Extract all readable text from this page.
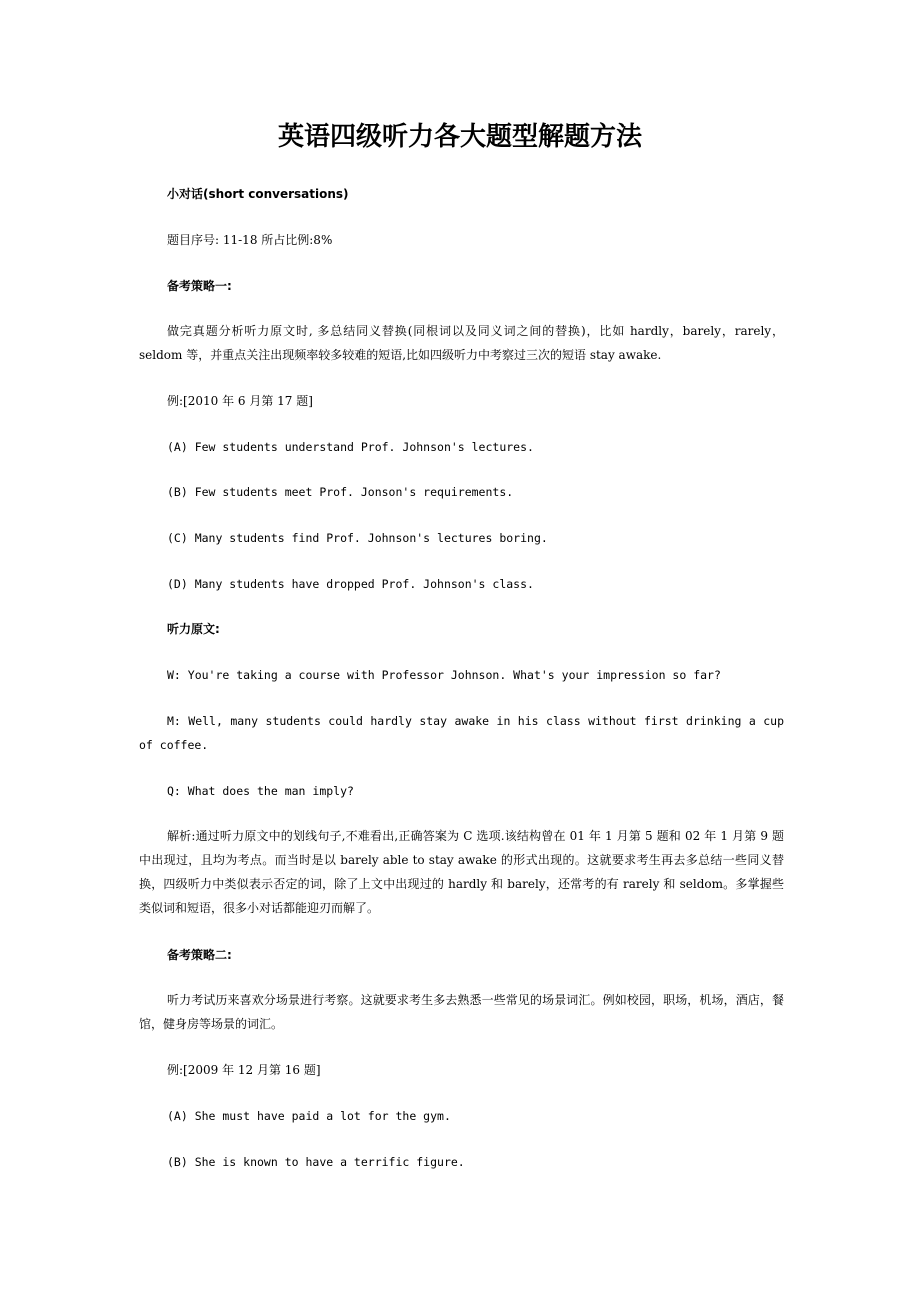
英语四级听力各大题型解题方法
小对话(short conversations)
题目序号: 11-18 所占比例:8%
备考策略一:
做完真题分析听力原文时, 多总结同义替换(同根词以及同义词之间的替换)，比如 hardly，barely，rarely，seldom 等，并重点关注出现频率较多较难的短语,比如四级听力中考察过三次的短语 stay awake.
例:[2010 年 6 月第 17 题]
(A) Few students understand Prof. Johnson's lectures.
(B) Few students meet Prof. Jonson's requirements.
(C) Many students find Prof. Johnson's lectures boring.
(D) Many students have dropped Prof. Johnson's class.
听力原文:
W: You're taking a course with Professor Johnson. What's your impression so far?
M: Well, many students could hardly stay awake in his class without first drinking a cup of coffee.
Q: What does the man imply?
解析:通过听力原文中的划线句子,不难看出,正确答案为 C 选项.该结构曾在 01 年 1 月第 5 题和 02 年 1 月第 9 题中出现过，且均为考点。而当时是以 barely able to stay awake 的形式出现的。这就要求考生再去多总结一些同义替换，四级听力中类似表示否定的词，除了上文中出现过的 hardly 和 barely，还常考的有 rarely 和 seldom。多掌握些类似词和短语，很多小对话都能迎刃而解了。
备考策略二:
听力考试历来喜欢分场景进行考察。这就要求考生多去熟悉一些常见的场景词汇。例如校园，职场，机场，酒店，餐馆，健身房等场景的词汇。
例:[2009 年 12 月第 16 题]
(A) She must have paid a lot for the gym.
(B) She is known to have a terrific figure.
